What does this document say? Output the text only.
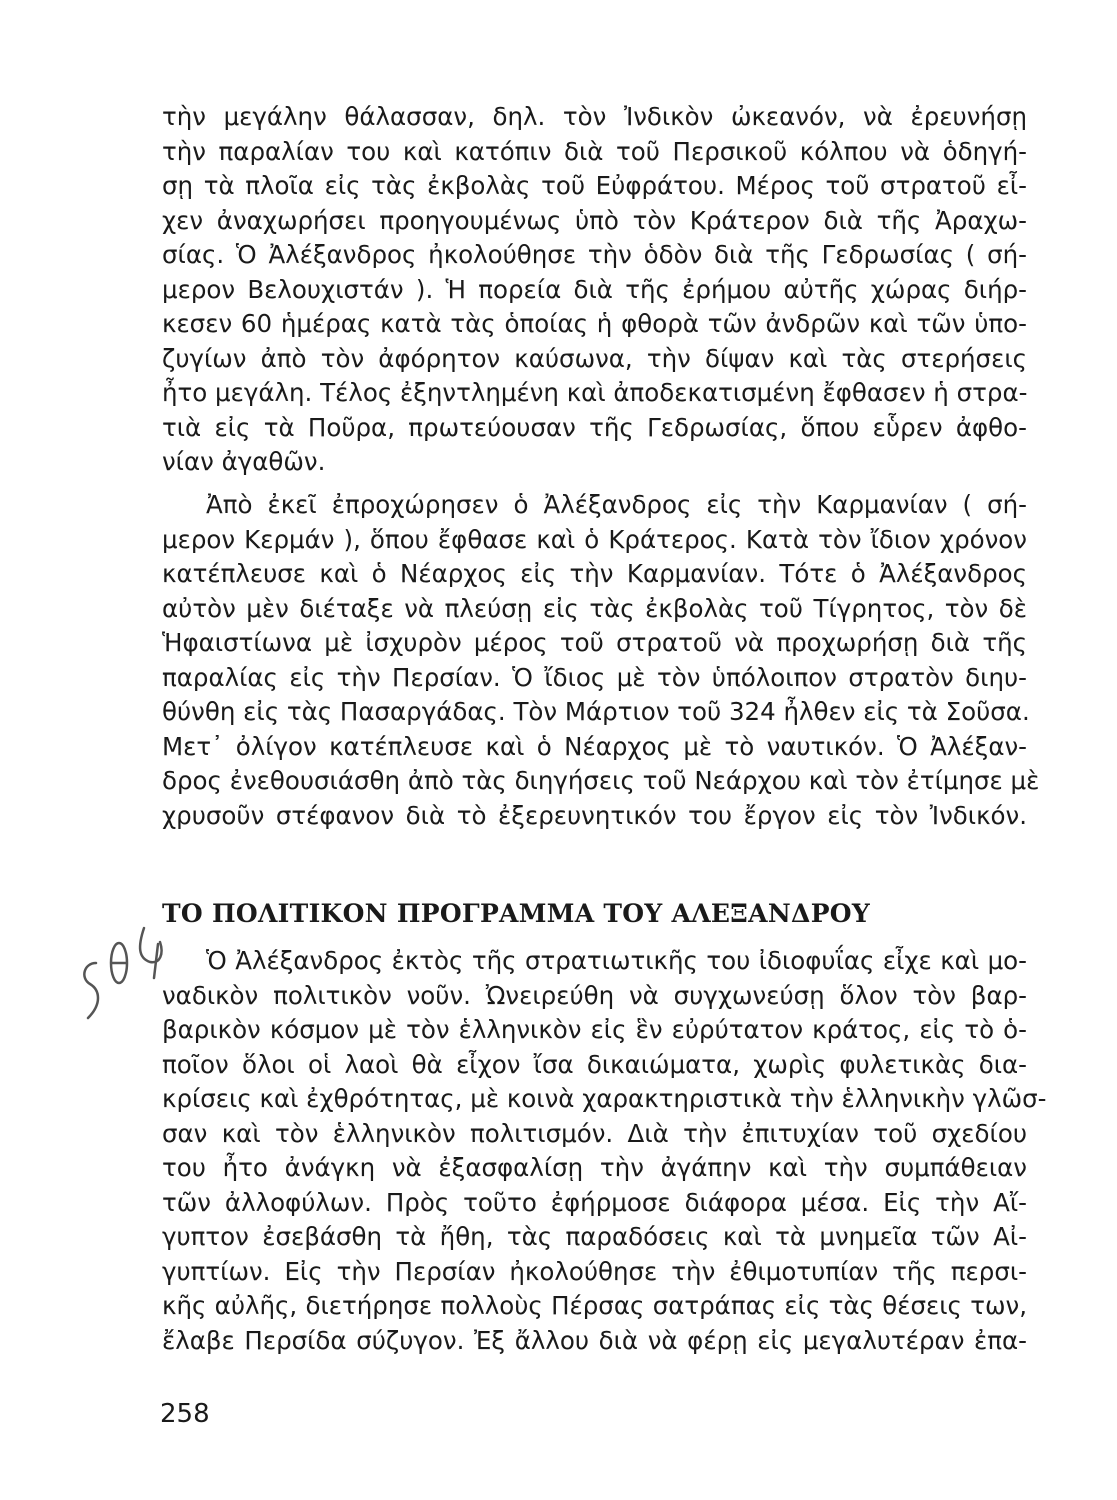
τὴν μεγάλην θάλασσαν, δηλ. τὸν Ἰνδικὸν ὠκεανόν, νὰ ἐρευνήσῃ
τὴν παραλίαν του καὶ κατόπιν διὰ τοῦ Περσικοῦ κόλπου νὰ ὁδηγή-
σῃ τὰ πλοῖα εἰς τὰς ἐκβολὰς τοῦ Εὐφράτου. Μέρος τοῦ στρατοῦ εἶ-
χεν ἀναχωρήσει προηγουμένως ὑπὸ τὸν Κράτερον διὰ τῆς Ἀραχω-
σίας. Ὁ Ἀλέξανδρος ἠκολούθησε τὴν ὁδὸν διὰ τῆς Γεδρωσίας ( σή-
μερον Βελουχιστάν ). Ἡ πορεία διὰ τῆς ἐρήμου αὐτῆς χώρας διήρ-
κεσεν 60 ἡμέρας κατὰ τὰς ὁποίας ἡ φθορὰ τῶν ἀνδρῶν καὶ τῶν ὑπο-
ζυγίων ἀπὸ τὸν ἀφόρητον καύσωνα, τὴν δίψαν καὶ τὰς στερήσεις
ἦτο μεγάλη. Τέλος ἐξηντλημένη καὶ ἀποδεκατισμένη ἔφθασεν ἡ στρα-
τιὰ εἰς τὰ Ποῦρα, πρωτεύουσαν τῆς Γεδρωσίας, ὅπου εὗρεν ἀφθο-
νίαν ἀγαθῶν.
Ἀπὸ ἐκεῖ ἐπροχώρησεν ὁ Ἀλέξανδρος εἰς τὴν Καρμανίαν ( σή-
μερον Κερμάν ), ὅπου ἔφθασε καὶ ὁ Κράτερος. Κατὰ τὸν ἴδιον χρόνον
κατέπλευσε καὶ ὁ Νέαρχος εἰς τὴν Καρμανίαν. Τότε ὁ Ἀλέξανδρος
αὐτὸν μὲν διέταξε νὰ πλεύσῃ εἰς τὰς ἐκβολὰς τοῦ Τίγρητος, τὸν δὲ
Ἡφαιστίωνα μὲ ἰσχυρὸν μέρος τοῦ στρατοῦ νὰ προχωρήσῃ διὰ τῆς
παραλίας εἰς τὴν Περσίαν. Ὁ ἴδιος μὲ τὸν ὑπόλοιπον στρατὸν διηυ-
θύνθη εἰς τὰς Πασαργάδας. Τὸν Μάρτιον τοῦ 324 ἦλθεν εἰς τὰ Σοῦσα.
Μετ᾽ ὀλίγον κατέπλευσε καὶ ὁ Νέαρχος μὲ τὸ ναυτικόν. Ὁ Ἀλέξαν-
δρος ἐνεθουσιάσθη ἀπὸ τὰς διηγήσεις τοῦ Νεάρχου καὶ τὸν ἐτίμησε μὲ
χρυσοῦν στέφανον διὰ τὸ ἐξερευνητικόν του ἔργον εἰς τὸν Ἰνδικόν.
ΤΟ ΠΟΛΙΤΙΚΟΝ ΠΡΟΓΡΑΜΜΑ ΤΟΥ ΑΛΕΞΑΝΔΡΟΥ
Ὁ Ἀλέξανδρος ἐκτὸς τῆς στρατιωτικῆς του ἰδιοφυΐας εἶχε καὶ μο-
ναδικὸν πολιτικὸν νοῦν. Ὠνειρεύθη νὰ συγχωνεύσῃ ὅλον τὸν βαρ-
βαρικὸν κόσμον μὲ τὸν ἑλληνικὸν εἰς ἓν εὐρύτατον κράτος, εἰς τὸ ὁ-
ποῖον ὅλοι οἱ λαοὶ θὰ εἶχον ἴσα δικαιώματα, χωρὶς φυλετικὰς δια-
κρίσεις καὶ ἐχθρότητας, μὲ κοινὰ χαρακτηριστικὰ τὴν ἑλληνικὴν γλῶσ-
σαν καὶ τὸν ἑλληνικὸν πολιτισμόν. Διὰ τὴν ἐπιτυχίαν τοῦ σχεδίου
του ἦτο ἀνάγκη νὰ ἐξασφαλίσῃ τὴν ἀγάπην καὶ τὴν συμπάθειαν
τῶν ἀλλοφύλων. Πρὸς τοῦτο ἐφήρμοσε διάφορα μέσα. Εἰς τὴν Αἴ-
γυπτον ἐσεβάσθη τὰ ἤθη, τὰς παραδόσεις καὶ τὰ μνημεῖα τῶν Αἰ-
γυπτίων. Εἰς τὴν Περσίαν ἠκολούθησε τὴν ἐθιμοτυπίαν τῆς περσι-
κῆς αὐλῆς, διετήρησε πολλοὺς Πέρσας σατράπας εἰς τὰς θέσεις των,
ἔλαβε Περσίδα σύζυγον. Ἐξ ἄλλου διὰ νὰ φέρῃ εἰς μεγαλυτέραν ἐπα-
258
